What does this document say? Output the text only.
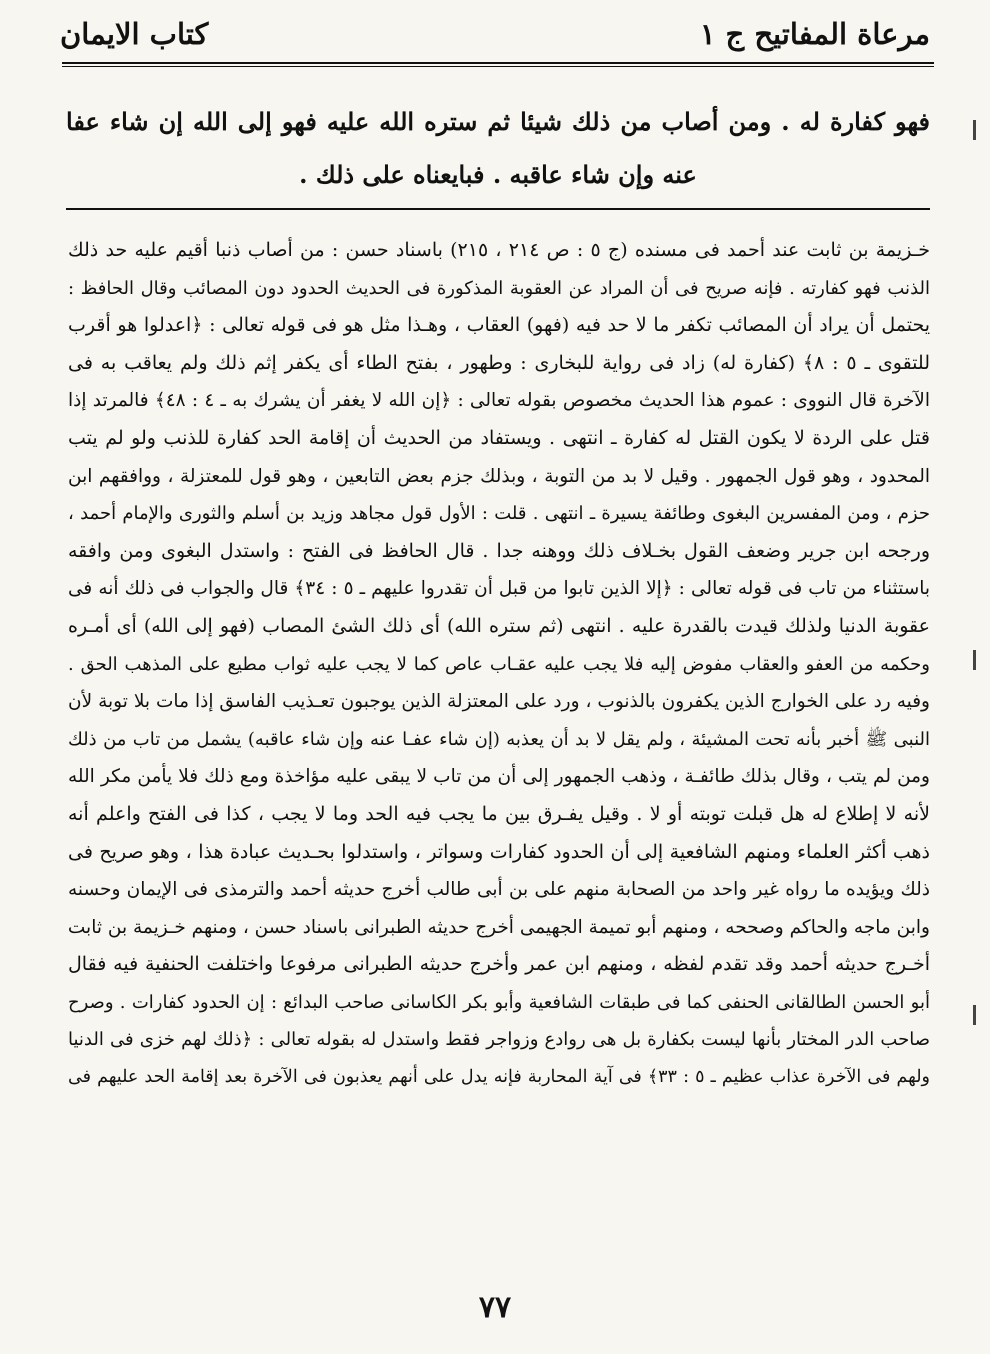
مرعاة المفاتيح ج ١
كتاب الايمان

فهو كفارة له . ومن أصاب من ذلك شيئا ثم ستره الله عليه فهو إلى الله إن شاء عفا

عنه وإن شاء عاقبه . فبايعناه على ذلك .

خـزيمة بن ثابت عند أحمد فى مسنده (ج ٥ : ص ٢١٤ ، ٢١٥) باسناد حسن : من أصاب ذنبا أقيم عليه حد ذلك

الذنب فهو كفارته . فإنه صريح فى أن المراد عن العقوبة المذكورة فى الحديث الحدود دون المصائب وقال الحافظ :

يحتمل أن يراد أن المصائب تكفر ما لا حد فيه (فهو) العقاب ، وهـذا مثل هو فى قوله تعالى : ﴿اعدلوا هو أقرب

للتقوى ـ ٥ : ٨﴾ (كفارة له) زاد فى رواية للبخارى : وطهور ، بفتح الطاء أى يكفر إثم ذلك ولم يعاقب به فى

الآخرة قال النووى : عموم هذا الحديث مخصوص بقوله تعالى : ﴿إن الله لا يغفر أن يشرك به ـ ٤ : ٤٨﴾ فالمرتد إذا

قتل على الردة لا يكون القتل له كفارة ـ انتهى . ويستفاد من الحديث أن إقامة الحد كفارة للذنب ولو لم يتب

المحدود ، وهو قول الجمهور . وقيل لا بد من التوبة ، وبذلك جزم بعض التابعين ، وهو قول للمعتزلة ، ووافقهم ابن

حزم ، ومن المفسرين البغوى وطائفة يسيرة ـ انتهى . قلت : الأول قول مجاهد وزيد بن أسلم والثورى والإمام أحمد ،

ورجحه ابن جرير وضعف القول بخـلاف ذلك ووهنه جدا . قال الحافظ فى الفتح : واستدل البغوى ومن وافقه

باستثناء من تاب فى قوله تعالى : ﴿إلا الذين تابوا من قبل أن تقدروا عليهم ـ ٥ : ٣٤﴾ قال والجواب فى ذلك أنه فى

عقوبة الدنيا ولذلك قيدت بالقدرة عليه . انتهى (ثم ستره الله) أى ذلك الشئ المصاب (فهو إلى الله) أى أمـره

وحكمه من العفو والعقاب مفوض إليه فلا يجب عليه عقـاب عاص كما لا يجب عليه ثواب مطيع على المذهب الحق .

وفيه رد على الخوارج الذين يكفرون بالذنوب ، ورد على المعتزلة الذين يوجبون تعـذيب الفاسق إذا مات بلا توبة لأن

النبى ﷺ أخبر بأنه تحت المشيئة ، ولم يقل لا بد أن يعذبه (إن شاء عفـا عنه وإن شاء عاقبه) يشمل من تاب من ذلك

ومن لم يتب ، وقال بذلك طائفـة ، وذهب الجمهور إلى أن من تاب لا يبقى عليه مؤاخذة ومع ذلك فلا يأمن مكر الله

لأنه لا إطلاع له هل قبلت توبته أو لا . وقيل يفـرق بين ما يجب فيه الحد وما لا يجب ، كذا فى الفتح واعلم أنه

ذهب أكثر العلماء ومنهم الشافعية إلى أن الحدود كفارات وسواتر ، واستدلوا بحـديث عبادة هذا ، وهو صريح فى

ذلك ويؤيده ما رواه غير واحد من الصحابة منهم على بن أبى طالب أخرج حديثه أحمد والترمذى فى الإيمان وحسنه

وابن ماجه والحاكم وصححه ، ومنهم أبو تميمة الجهيمى أخرج حديثه الطبرانى باسناد حسن ، ومنهم خـزيمة بن ثابت

أخـرج حديثه أحمد وقد تقدم لفظه ، ومنهم ابن عمر وأخرج حديثه الطبرانى مرفوعا واختلفت الحنفية فيه فقال

أبو الحسن الطالقانى الحنفى كما فى طبقات الشافعية وأبو بكر الكاسانى صاحب البدائع : إن الحدود كفارات . وصرح

صاحب الدر المختار بأنها ليست بكفارة بل هى روادع وزواجر فقط واستدل له بقوله تعالى : ﴿ذلك لهم خزى فى الدنيا

ولهم فى الآخرة عذاب عظيم ـ ٥ : ٣٣﴾ فى آية المحاربة فإنه يدل على أنهم يعذبون فى الآخرة بعد إقامة الحد عليهم فى

٧٧
